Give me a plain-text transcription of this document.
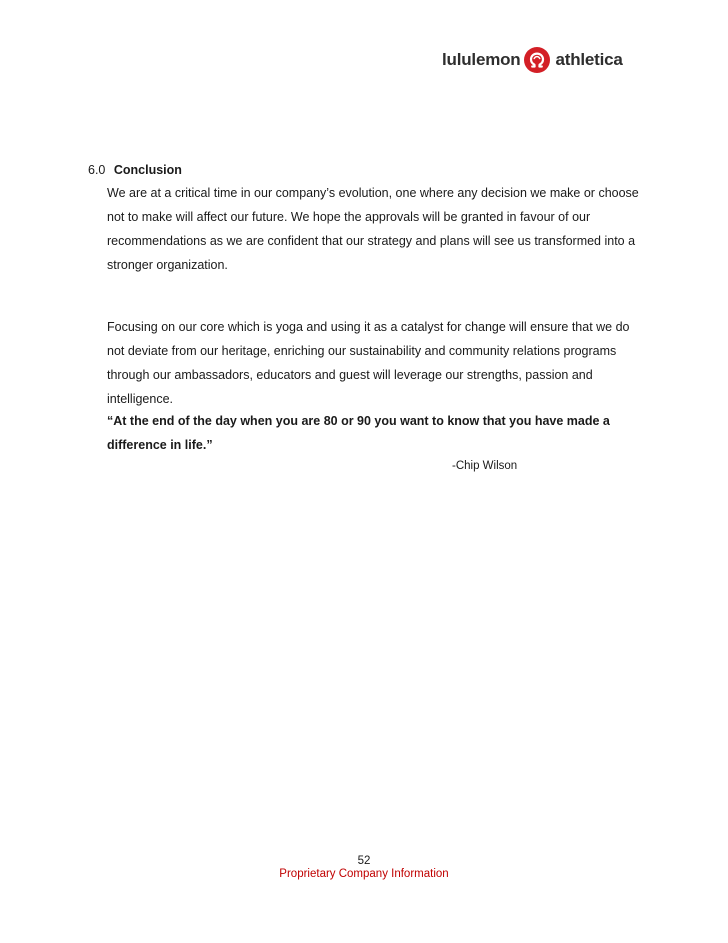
lululemon athletica
6.0 Conclusion

We are at a critical time in our company’s evolution, one where any decision we make or choose not to make will affect our future. We hope the approvals will be granted in favour of our recommendations as we are confident that our strategy and plans will see us transformed into a stronger organization.

Focusing on our core which is yoga and using it as a catalyst for change will ensure that we do not deviate from our heritage, enriching our sustainability and community relations programs through our ambassadors, educators and guest will leverage our strengths, passion and intelligence.

“At the end of the day when you are 80 or 90 you want to know that you have made a difference in life.”

-Chip Wilson
52
Proprietary Company Information
